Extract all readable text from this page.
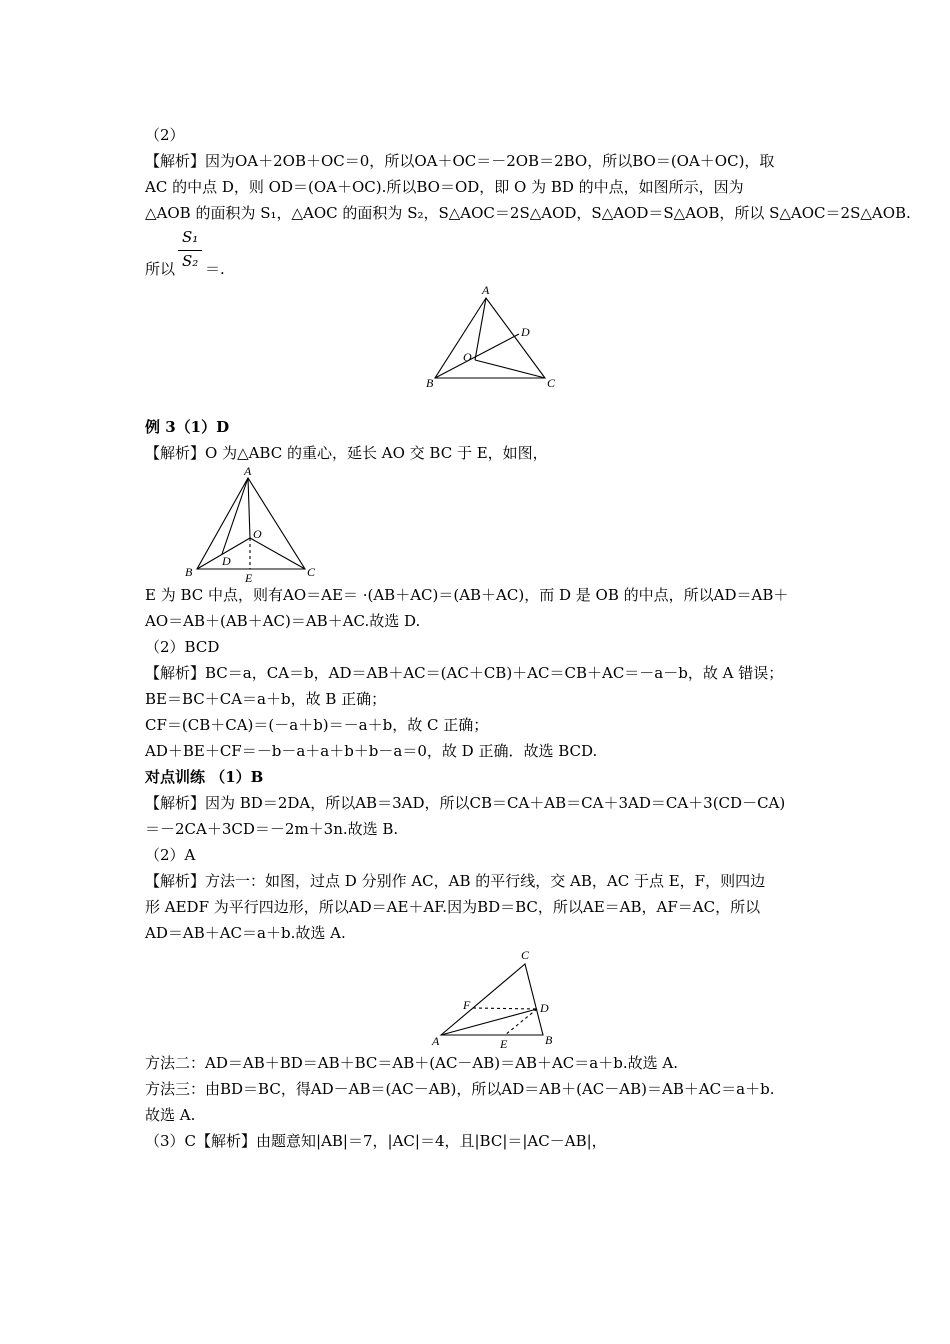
（2）
【解析】因为OA＋2OB＋OC＝0，所以OA＋OC＝－2OB＝2BO，所以BO＝(OA＋OC)，取
AC 的中点 D，则 OD＝(OA＋OC).所以BO＝OD，即 O 为 BD 的中点，如图所示，因为
△AOB 的面积为 S₁，△AOC 的面积为 S₂，S△AOC＝2S△AOD，S△AOD＝S△AOB，所以 S△AOC＝2S△AOB.
所以
S₁
S₂ ＝.
A
B	C
D
O
例 3（1）D
【解析】O 为△ABC 的重心，延长 AO 交 BC 于 E，如图，
A
B	C
D
O
E
E 为 BC 中点，则有AO＝AE＝ ·(AB＋AC)＝(AB＋AC)，而 D 是 OB 的中点，所以AD＝AB＋
AO＝AB＋(AB＋AC)＝AB＋AC.故选 D.
（2）BCD
【解析】BC＝a，CA＝b，AD＝AB＋AC＝(AC＋CB)＋AC＝CB＋AC＝－a－b，故 A 错误；
BE＝BC＋CA＝a＋b，故 B 正确；
CF＝(CB＋CA)＝(－a＋b)＝－a＋b，故 C 正确；
AD＋BE＋CF＝－b－a＋a＋b＋b－a＝0，故 D 正确．故选 BCD.
对点训练 （1）B
【解析】因为 BD＝2DA，所以AB＝3AD，所以CB＝CA＋AB＝CA＋3AD＝CA＋3(CD－CA)
＝－2CA＋3CD＝－2m＋3n.故选 B.
（2）A
【解析】方法一：如图，过点 D 分别作 AC，AB 的平行线，交 AB，AC 于点 E，F，则四边
形 AEDF 为平行四边形，所以AD＝AE＋AF.因为BD＝BC，所以AE＝AB，AF＝AC，所以
AD＝AB＋AC＝a＋b.故选 A.
C
A	B
D
E
F
方法二：AD＝AB＋BD＝AB＋BC＝AB＋(AC－AB)＝AB＋AC＝a＋b.故选 A.
方法三：由BD＝BC，得AD－AB＝(AC－AB)，所以AD＝AB＋(AC－AB)＝AB＋AC＝a＋b.
故选 A.
（3）C【解析】由题意知|AB|＝7，|AC|＝4，且|BC|＝|AC－AB|，
